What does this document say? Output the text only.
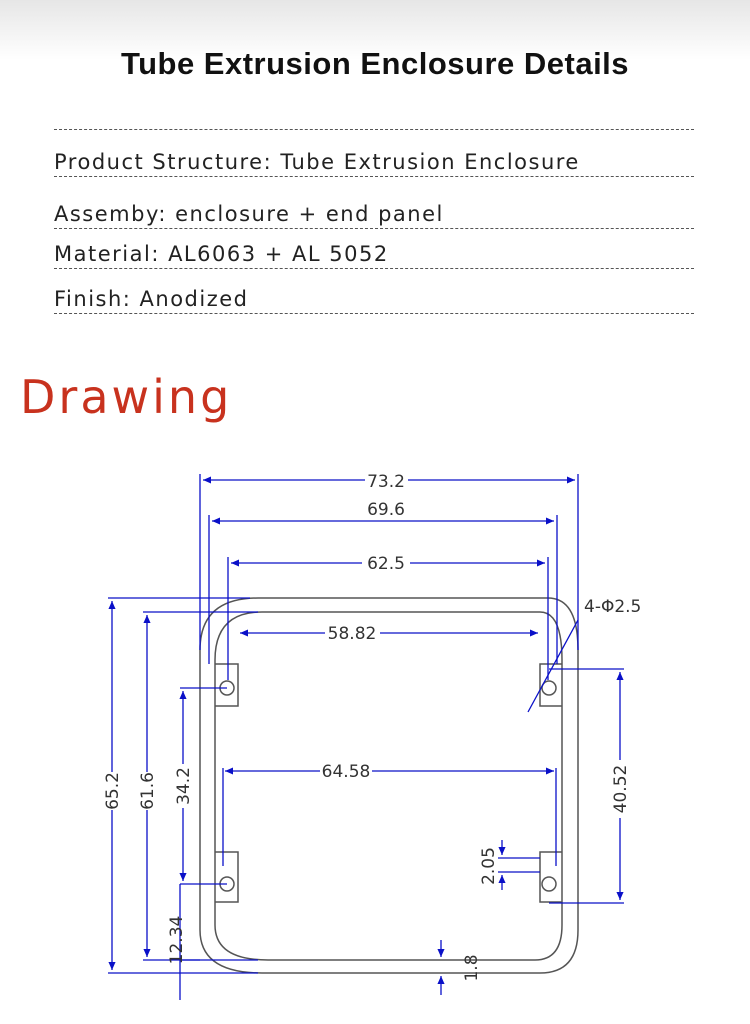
Tube Extrusion Enclosure Details
Product Structure: Tube Extrusion Enclosure
Assemby: enclosure + end panel
Material: AL6063 + AL 5052
Finish: Anodized
Drawing
73.2
69.6
62.5
58.82
64.58
4-Φ2.5
65.2 61.6 34.2	40.52
2.05
12.34
1.8
